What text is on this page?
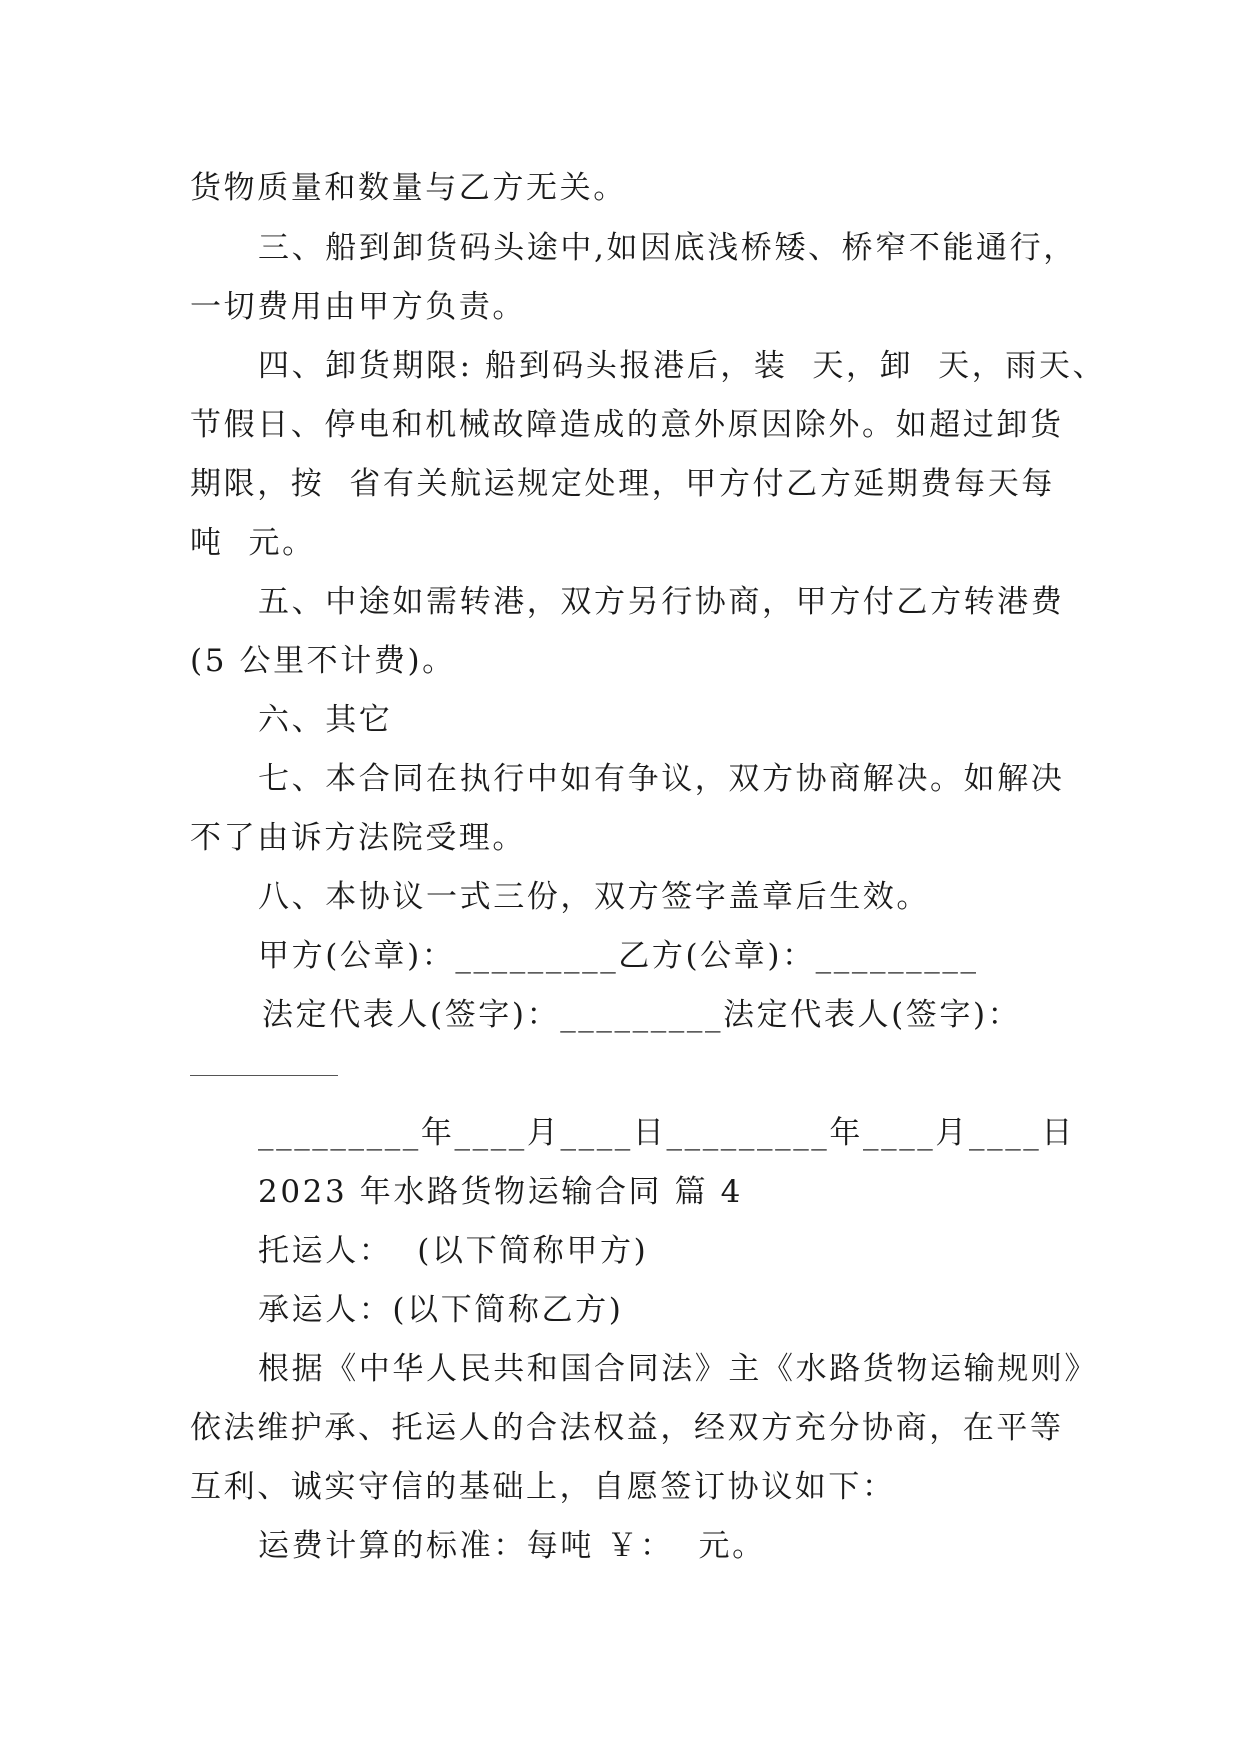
货物质量和数量与乙方无关。
三、船到卸货码头途中,如因底浅桥矮、桥窄不能通行，
一切费用由甲方负责。
四、卸货期限: 船到码头报港后，装  天，卸  天，雨天、
节假日、停电和机械故障造成的意外原因除外。如超过卸货
期限，按  省有关航运规定处理，甲方付乙方延期费每天每
吨  元。
五、中途如需转港，双方另行协商，甲方付乙方转港费
(5 公里不计费)。
六、其它
七、本合同在执行中如有争议，双方协商解决。如解决
不了由诉方法院受理。
八、本协议一式三份，双方签字盖章后生效。
甲方(公章)：_________乙方(公章)：_________
法定代表人(签字)：_________法定代表人(签字)：
_________年____月____日_________年____月____日
2023 年水路货物运输合同 篇 4
托运人：  (以下简称甲方)
承运人：(以下简称乙方)
根据《中华人民共和国合同法》主《水路货物运输规则》
依法维护承、托运人的合法权益，经双方充分协商，在平等
互利、诚实守信的基础上，自愿签订协议如下：
运费计算的标准：每吨 ￥：  元。
